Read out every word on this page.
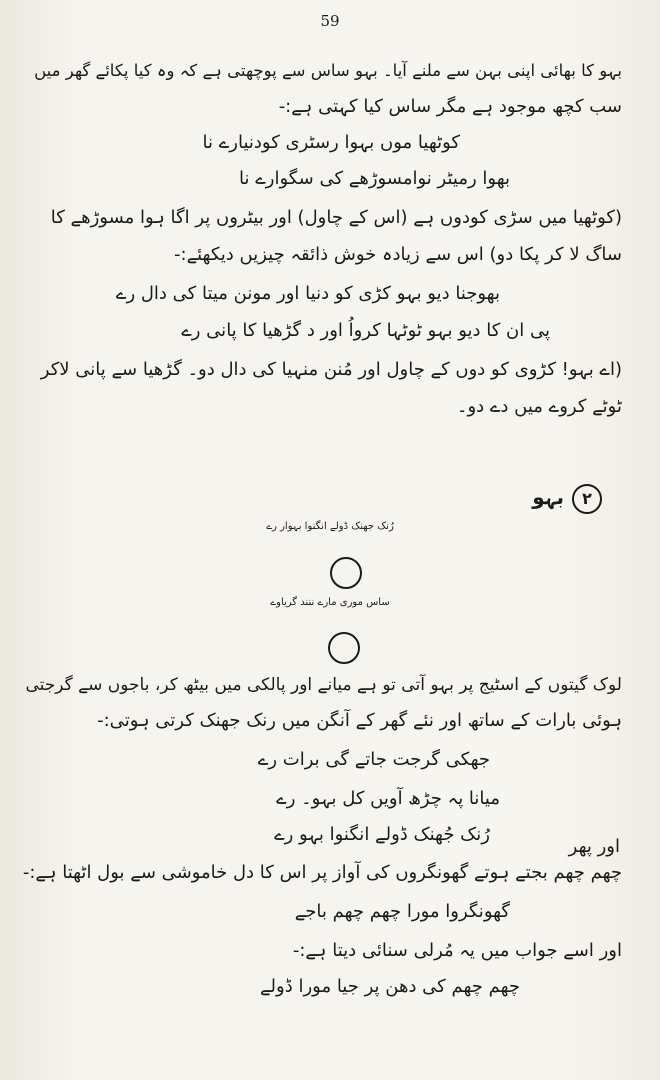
59
بہو کا بھائی اپنی بہن سے ملنے آیا۔ بہو ساس سے پوچھتی ہے کہ وہ کیا پکائے گھر میں
سب کچھ موجود ہے مگر ساس کیا کہتی ہے:-
کوٹھیا موں بہوا رسٹری کودنیارے نا
بھوا رمیٹر نوامسوڑھے کی سگوارے نا
(کوٹھیا میں سڑی کودوں ہے (اس کے چاول) اور بیٹروں پر اگا ہوا مسوڑھے کا
ساگ لا کر پکا دو) اس سے زیادہ خوش ذائقہ چیزیں دیکھئے:-
بھوجنا دیو بہو کڑی کو دنیا اور مونن میتا کی دال رے
پی ان کا دیو بہو ٹوٹہا کرواُ اور د گڑھیا کا پانی رے
(اے بہو! کڑوی کو دوں کے چاول اور مُنن منہیا کی دال دو۔ گڑھیا سے پانی لاکر
ٹوٹے کروے میں دے دو۔
٢
بہو
رُنک جھنک ڈولے انگنوا بہوار رے
ساس موری مارے ننند گریاوے
لوک گیتوں کے اسٹیج پر بہو آتی تو ہے میانے اور پالکی میں بیٹھ کر، باجوں سے گرجتی
ہوئی بارات کے ساتھ اور نئے گھر کے آنگن میں رنک جھنک کرتی ہوتی:-
جھکی گرجت جاتے گی برات رے
میانا پہ چڑھ آویں کل بہو۔ رے
رُنک جُھنک ڈولے انگنوا بہو رے
اور پھر
چھم چھم بجتے ہوتے گھونگروں کی آواز پر اس کا دل خاموشی سے بول اٹھتا ہے:-
گھونگروا مورا چھم چھم باجے
اور اسے جواب میں یہ مُرلی سنائی دیتا ہے:-
چھم چھم کی دھن پر جیا مورا ڈولے
